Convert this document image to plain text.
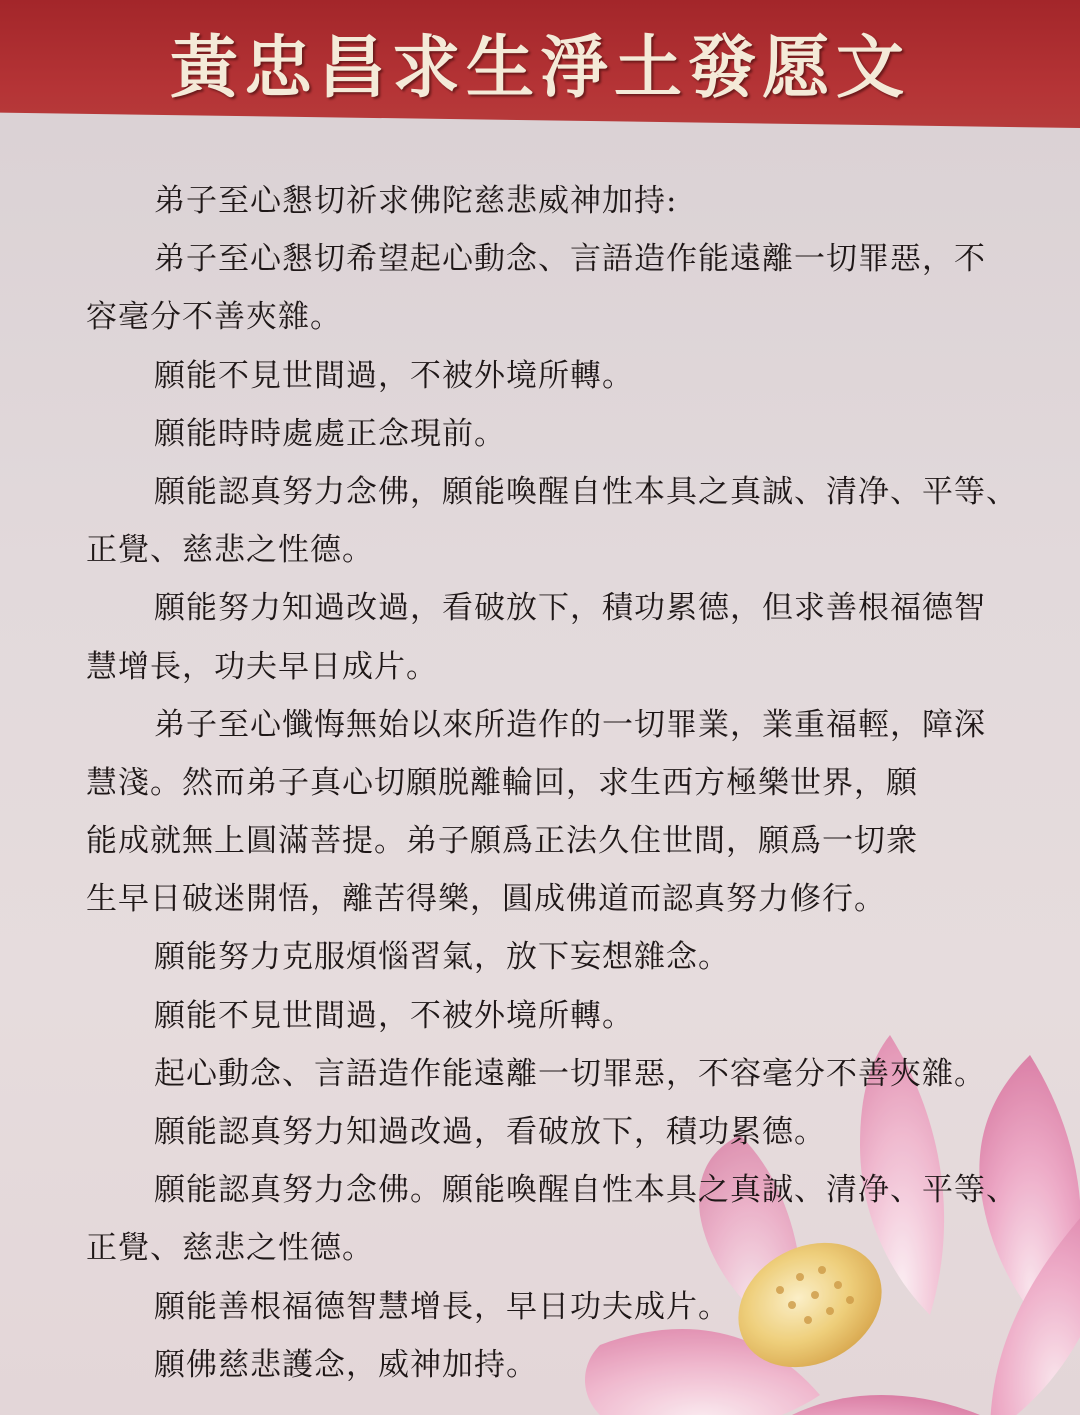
黃忠昌求生淨土發愿文
弟子至心懇切祈求佛陀慈悲威神加持:
弟子至心懇切希望起心動念、言語造作能遠離一切罪惡，不
容毫分不善夾雜。
願能不見世間過，不被外境所轉。
願能時時處處正念現前。
願能認真努力念佛，願能喚醒自性本具之真誠、清净、平等、
正覺、慈悲之性德。
願能努力知過改過，看破放下，積功累德，但求善根福德智
慧增長，功夫早日成片。
弟子至心懺悔無始以來所造作的一切罪業，業重福輕，障深
慧淺。然而弟子真心切願脱離輪回，求生西方極樂世界，願
能成就無上圓滿菩提。弟子願爲正法久住世間，願爲一切衆
生早日破迷開悟，離苦得樂，圓成佛道而認真努力修行。
願能努力克服煩惱習氣，放下妄想雜念。
願能不見世間過，不被外境所轉。
起心動念、言語造作能遠離一切罪惡，不容毫分不善夾雜。
願能認真努力知過改過，看破放下，積功累德。
願能認真努力念佛。願能喚醒自性本具之真誠、清净、平等、
正覺、慈悲之性德。
願能善根福德智慧增長，早日功夫成片。
願佛慈悲護念，威神加持。
